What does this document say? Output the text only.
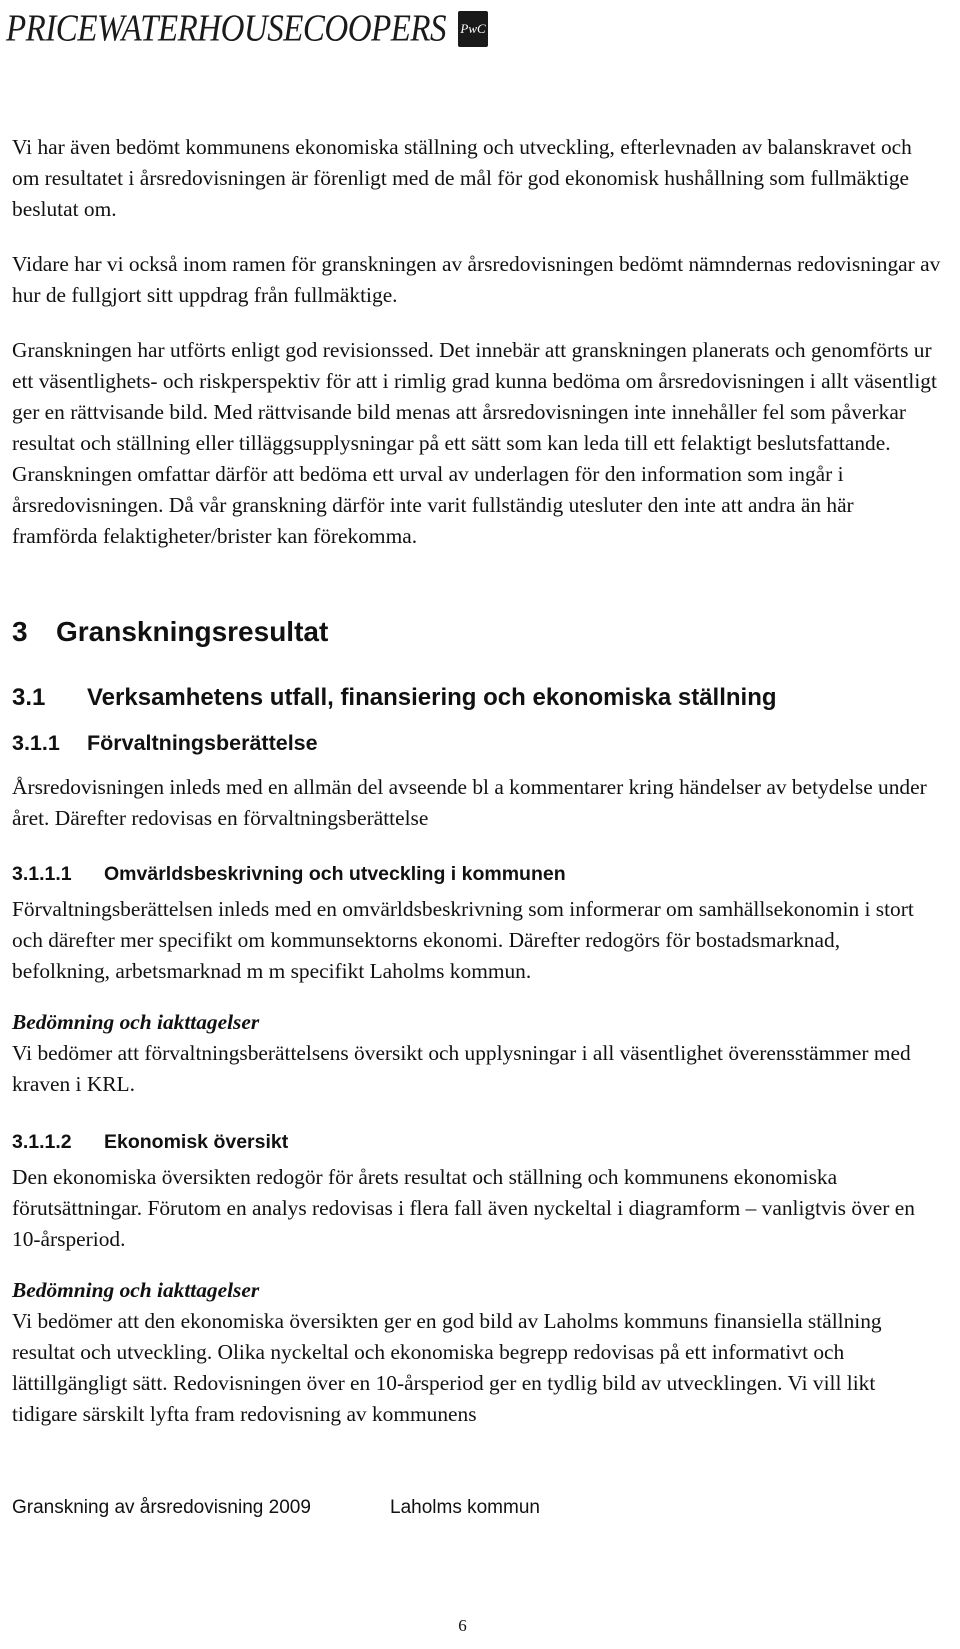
PRICEWATERHOUSECOOPERS PwC

Vi har även bedömt kommunens ekonomiska ställning och utveckling, efterlevnaden av balanskravet och om resultatet i årsredovisningen är förenligt med de mål för god ekonomisk hushållning som fullmäktige beslutat om.

Vidare har vi också inom ramen för granskningen av årsredovisningen bedömt nämndernas redovisningar av hur de fullgjort sitt uppdrag från fullmäktige.

Granskningen har utförts enligt god revisionssed. Det innebär att granskningen planerats och genomförts ur ett väsentlighets- och riskperspektiv för att i rimlig grad kunna bedöma om årsredovisningen i allt väsentligt ger en rättvisande bild. Med rättvisande bild menas att årsredovisningen inte innehåller fel som påverkar resultat och ställning eller tilläggsupplysningar på ett sätt som kan leda till ett felaktigt beslutsfattande. Granskningen omfattar därför att bedöma ett urval av underlagen för den information som ingår i årsredovisningen. Då vår granskning därför inte varit fullständig utesluter den inte att andra än här framförda felaktigheter/brister kan förekomma.

3 Granskningsresultat
3.1 Verksamhetens utfall, finansiering och ekonomiska ställning
3.1.1 Förvaltningsberättelse

Årsredovisningen inleds med en allmän del avseende bl a kommentarer kring händelser av betydelse under året. Därefter redovisas en förvaltningsberättelse

3.1.1.1 Omvärldsbeskrivning och utveckling i kommunen

Förvaltningsberättelsen inleds med en omvärldsbeskrivning som informerar om samhällsekonomin i stort och därefter mer specifikt om kommunsektorns ekonomi. Därefter redogörs för bostadsmarknad, befolkning, arbetsmarknad m m specifikt Laholms kommun.

Bedömning och iakttagelser

Vi bedömer att förvaltningsberättelsens översikt och upplysningar i all väsentlighet överensstämmer med kraven i KRL.

3.1.1.2 Ekonomisk översikt

Den ekonomiska översikten redogör för årets resultat och ställning och kommunens ekonomiska förutsättningar. Förutom en analys redovisas i flera fall även nyckeltal i diagramform – vanligtvis över en 10-årsperiod.

Bedömning och iakttagelser

Vi bedömer att den ekonomiska översikten ger en god bild av Laholms kommuns finansiella ställning resultat och utveckling. Olika nyckeltal och ekonomiska begrepp redovisas på ett informativt och lättillgängligt sätt. Redovisningen över en 10-årsperiod ger en tydlig bild av utvecklingen. Vi vill likt tidigare särskilt lyfta fram redovisning av kommunens

Granskning av årsredovisning 2009	Laholms kommun
6
